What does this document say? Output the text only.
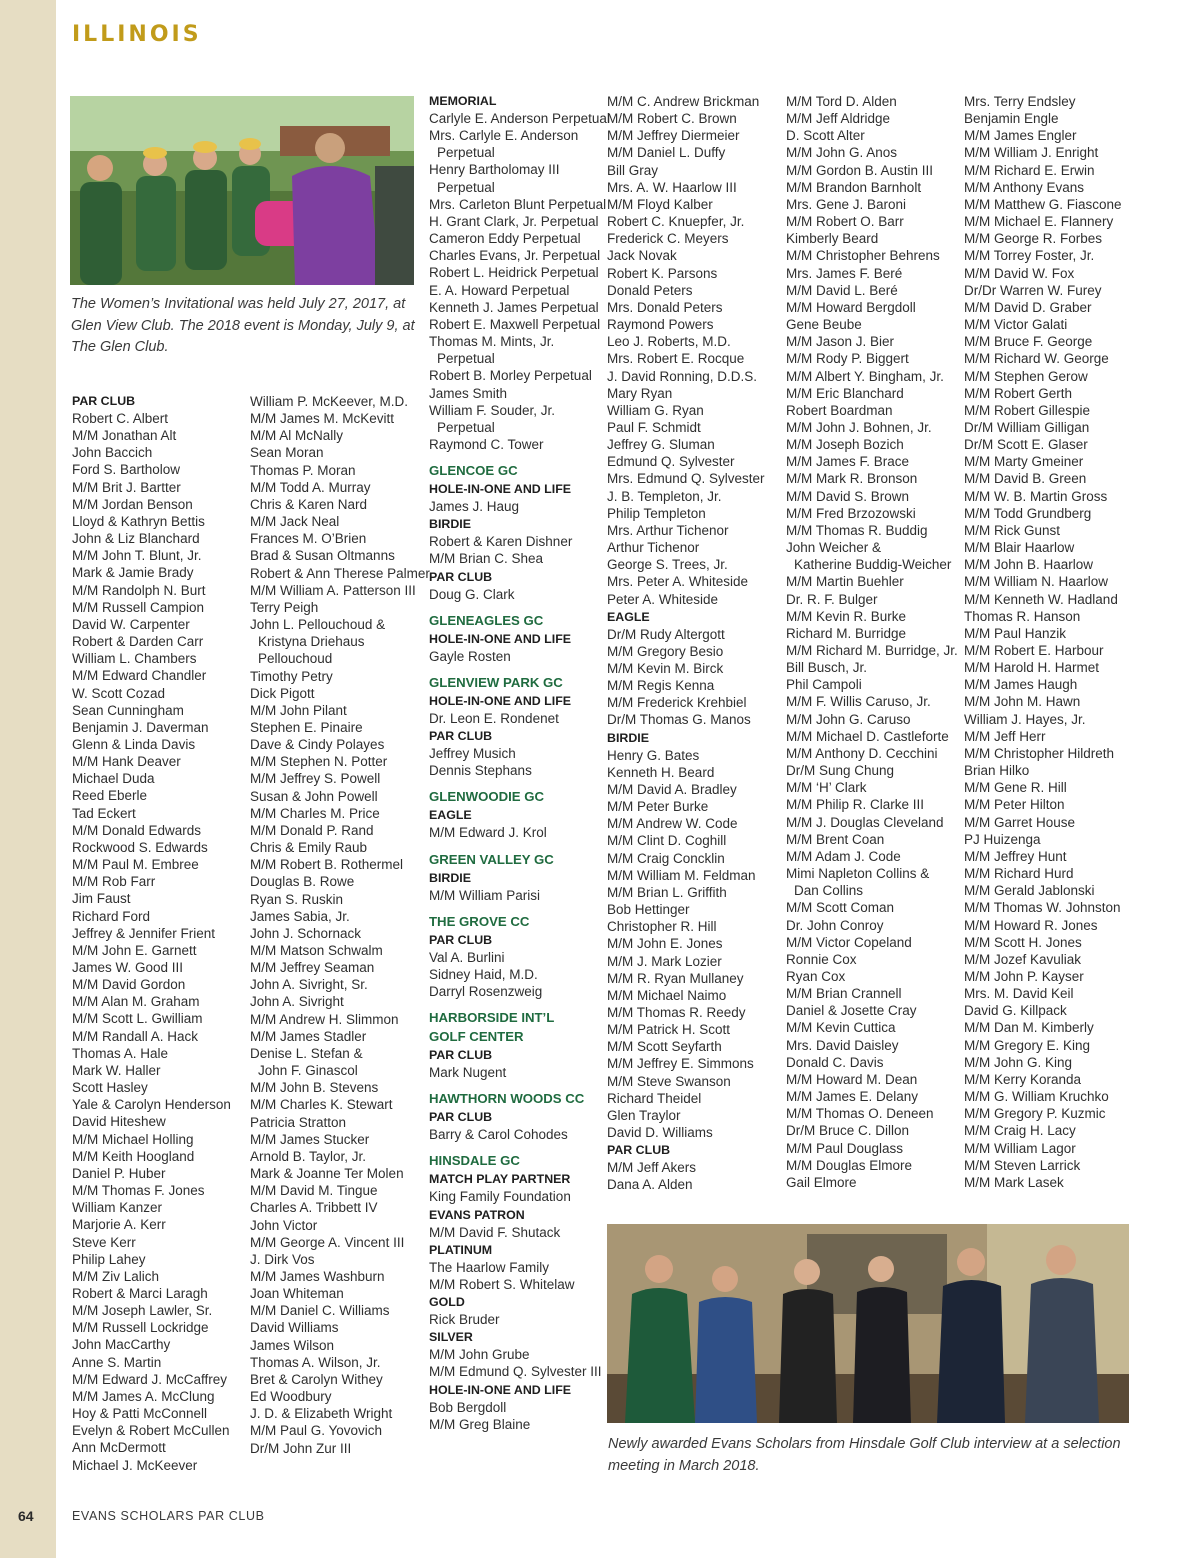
ILLINOIS
The Women’s Invitational was held July 27, 2017, at Glen View Club. The 2018 event is Monday, July 9, at The Glen Club.
PAR CLUB
Robert C. Albert
M/M Jonathan Alt
John Baccich
Ford S. Bartholow
M/M Brit J. Bartter
M/M Jordan Benson
Lloyd & Kathryn Bettis
John & Liz Blanchard
M/M John T. Blunt, Jr.
Mark & Jamie Brady
M/M Randolph N. Burt
M/M Russell Campion
David W. Carpenter
Robert & Darden Carr
William L. Chambers
M/M Edward Chandler
W. Scott Cozad
Sean Cunningham
Benjamin J. Daverman
Glenn & Linda Davis
M/M Hank Deaver
Michael Duda
Reed Eberle
Tad Eckert
M/M Donald Edwards
Rockwood S. Edwards
M/M Paul M. Embree
M/M Rob Farr
Jim Faust
Richard Ford
Jeffrey & Jennifer Frient
M/M John E. Garnett
James W. Good III
M/M David Gordon
M/M Alan M. Graham
M/M Scott L. Gwilliam
M/M Randall A. Hack
Thomas A. Hale
Mark W. Haller
Scott Hasley
Yale & Carolyn Henderson
David Hiteshew
M/M Michael Holling
M/M Keith Hoogland
Daniel P. Huber
M/M Thomas F. Jones
William Kanzer
Marjorie A. Kerr
Steve Kerr
Philip Lahey
M/M Ziv Lalich
Robert & Marci Laragh
M/M Joseph Lawler, Sr.
M/M Russell Lockridge
John MacCarthy
Anne S. Martin
M/M Edward J. McCaffrey
M/M James A. McClung
Hoy & Patti McConnell
Evelyn & Robert McCullen
Ann McDermott
Michael J. McKeever
William P. McKeever, M.D.
M/M James M. McKevitt
M/M Al McNally
Sean Moran
Thomas P. Moran
M/M Todd A. Murray
Chris & Karen Nard
M/M Jack Neal
Frances M. O’Brien
Brad & Susan Oltmanns
Robert & Ann Therese Palmer
M/M William A. Patterson III
Terry Peigh
John L. Pellouchoud &
Kristyna Driehaus
Pellouchoud
Timothy Petry
Dick Pigott
M/M John Pilant
Stephen E. Pinaire
Dave & Cindy Polayes
M/M Stephen N. Potter
M/M Jeffrey S. Powell
Susan & John Powell
M/M Charles M. Price
M/M Donald P. Rand
Chris & Emily Raub
M/M Robert B. Rothermel
Douglas B. Rowe
Ryan S. Ruskin
James Sabia, Jr.
John J. Schornack
M/M Matson Schwalm
M/M Jeffrey Seaman
John A. Sivright, Sr.
John A. Sivright
M/M Andrew H. Slimmon
M/M James Stadler
Denise L. Stefan &
John F. Ginascol
M/M John B. Stevens
M/M Charles K. Stewart
Patricia Stratton
M/M James Stucker
Arnold B. Taylor, Jr.
Mark & Joanne Ter Molen
M/M David M. Tingue
Charles A. Tribbett IV
John Victor
M/M George A. Vincent III
J. Dirk Vos
M/M James Washburn
Joan Whiteman
M/M Daniel C. Williams
David Williams
James Wilson
Thomas A. Wilson, Jr.
Bret & Carolyn Withey
Ed Woodbury
J. D. & Elizabeth Wright
M/M Paul G. Yovovich
Dr/M John Zur III
MEMORIAL
Carlyle E. Anderson Perpetual
Mrs. Carlyle E. Anderson
Perpetual
Henry Bartholomay III
Perpetual
Mrs. Carleton Blunt Perpetual
H. Grant Clark, Jr. Perpetual
Cameron Eddy Perpetual
Charles Evans, Jr. Perpetual
Robert L. Heidrick Perpetual
E. A. Howard Perpetual
Kenneth J. James Perpetual
Robert E. Maxwell Perpetual
Thomas M. Mints, Jr.
Perpetual
Robert B. Morley Perpetual
James Smith
William F. Souder, Jr.
Perpetual
Raymond C. Tower
GLENCOE GC
HOLE-IN-ONE AND LIFE
James J. Haug
BIRDIE
Robert & Karen Dishner
M/M Brian C. Shea
PAR CLUB
Doug G. Clark
GLENEAGLES GC
HOLE-IN-ONE AND LIFE
Gayle Rosten
GLENVIEW PARK GC
HOLE-IN-ONE AND LIFE
Dr. Leon E. Rondenet
PAR CLUB
Jeffrey Musich
Dennis Stephans
GLENWOODIE GC
EAGLE
M/M Edward J. Krol
GREEN VALLEY GC
BIRDIE
M/M William Parisi
THE GROVE CC
PAR CLUB
Val A. Burlini
Sidney Haid, M.D.
Darryl Rosenzweig
HARBORSIDE INT’L
GOLF CENTER
PAR CLUB
Mark Nugent
HAWTHORN WOODS CC
PAR CLUB
Barry & Carol Cohodes
HINSDALE GC
MATCH PLAY PARTNER
King Family Foundation
EVANS PATRON
M/M David F. Shutack
PLATINUM
The Haarlow Family
M/M Robert S. Whitelaw
GOLD
Rick Bruder
SILVER
M/M John Grube
M/M Edmund Q. Sylvester III
HOLE-IN-ONE AND LIFE
Bob Bergdoll
M/M Greg Blaine
M/M C. Andrew Brickman
M/M Robert C. Brown
M/M Jeffrey Diermeier
M/M Daniel L. Duffy
Bill Gray
Mrs. A. W. Haarlow III
M/M Floyd Kalber
Robert C. Knuepfer, Jr.
Frederick C. Meyers
Jack Novak
Robert K. Parsons
Donald Peters
Mrs. Donald Peters
Raymond Powers
Leo J. Roberts, M.D.
Mrs. Robert E. Rocque
J. David Ronning, D.D.S.
Mary Ryan
William G. Ryan
Paul F. Schmidt
Jeffrey G. Sluman
Edmund Q. Sylvester
Mrs. Edmund Q. Sylvester
J. B. Templeton, Jr.
Philip Templeton
Mrs. Arthur Tichenor
Arthur Tichenor
George S. Trees, Jr.
Mrs. Peter A. Whiteside
Peter A. Whiteside
EAGLE
Dr/M Rudy Altergott
M/M Gregory Besio
M/M Kevin M. Birck
M/M Regis Kenna
M/M Frederick Krehbiel
Dr/M Thomas G. Manos
BIRDIE
Henry G. Bates
Kenneth H. Beard
M/M David A. Bradley
M/M Peter Burke
M/M Andrew W. Code
M/M Clint D. Coghill
M/M Craig Concklin
M/M William M. Feldman
M/M Brian L. Griffith
Bob Hettinger
Christopher R. Hill
M/M John E. Jones
M/M J. Mark Lozier
M/M R. Ryan Mullaney
M/M Michael Naimo
M/M Thomas R. Reedy
M/M Patrick H. Scott
M/M Scott Seyfarth
M/M Jeffrey E. Simmons
M/M Steve Swanson
Richard Theidel
Glen Traylor
David D. Williams
PAR CLUB
M/M Jeff Akers
Dana A. Alden
M/M Tord D. Alden
M/M Jeff Aldridge
D. Scott Alter
M/M John G. Anos
M/M Gordon B. Austin III
M/M Brandon Barnholt
Mrs. Gene J. Baroni
M/M Robert O. Barr
Kimberly Beard
M/M Christopher Behrens
Mrs. James F. Beré
M/M David L. Beré
M/M Howard Bergdoll
Gene Beube
M/M Jason J. Bier
M/M Rody P. Biggert
M/M Albert Y. Bingham, Jr.
M/M Eric Blanchard
Robert Boardman
M/M John J. Bohnen, Jr.
M/M Joseph Bozich
M/M James F. Brace
M/M Mark R. Bronson
M/M David S. Brown
M/M Fred Brzozowski
M/M Thomas R. Buddig
John Weicher &
Katherine Buddig-Weicher
M/M Martin Buehler
Dr. R. F. Bulger
M/M Kevin R. Burke
Richard M. Burridge
M/M Richard M. Burridge, Jr.
Bill Busch, Jr.
Phil Campoli
M/M F. Willis Caruso, Jr.
M/M John G. Caruso
M/M Michael D. Castleforte
M/M Anthony D. Cecchini
Dr/M Sung Chung
M/M ‘H’ Clark
M/M Philip R. Clarke III
M/M J. Douglas Cleveland
M/M Brent Coan
M/M Adam J. Code
Mimi Napleton Collins &
Dan Collins
M/M Scott Coman
Dr. John Conroy
M/M Victor Copeland
Ronnie Cox
Ryan Cox
M/M Brian Crannell
Daniel & Josette Cray
M/M Kevin Cuttica
Mrs. David Daisley
Donald C. Davis
M/M Howard M. Dean
M/M James E. Delany
M/M Thomas O. Deneen
Dr/M Bruce C. Dillon
M/M Paul Douglass
M/M Douglas Elmore
Gail Elmore
Mrs. Terry Endsley
Benjamin Engle
M/M James Engler
M/M William J. Enright
M/M Richard E. Erwin
M/M Anthony Evans
M/M Matthew G. Fiascone
M/M Michael E. Flannery
M/M George R. Forbes
M/M Torrey Foster, Jr.
M/M David W. Fox
Dr/Dr Warren W. Furey
M/M David D. Graber
M/M Victor Galati
M/M Bruce F. George
M/M Richard W. George
M/M Stephen Gerow
M/M Robert Gerth
M/M Robert Gillespie
Dr/M William Gilligan
Dr/M Scott E. Glaser
M/M Marty Gmeiner
M/M David B. Green
M/M W. B. Martin Gross
M/M Todd Grundberg
M/M Rick Gunst
M/M Blair Haarlow
M/M John B. Haarlow
M/M William N. Haarlow
M/M Kenneth W. Hadland
Thomas R. Hanson
M/M Paul Hanzik
M/M Robert E. Harbour
M/M Harold H. Harmet
M/M James Haugh
M/M John M. Hawn
William J. Hayes, Jr.
M/M Jeff Herr
M/M Christopher Hildreth
Brian Hilko
M/M Gene R. Hill
M/M Peter Hilton
M/M Garret House
PJ Huizenga
M/M Jeffrey Hunt
M/M Richard Hurd
M/M Gerald Jablonski
M/M Thomas W. Johnston
M/M Howard R. Jones
M/M Scott H. Jones
M/M Jozef Kavuliak
M/M John P. Kayser
Mrs. M. David Keil
David G. Killpack
M/M Dan M. Kimberly
M/M Gregory E. King
M/M John G. King
M/M Kerry Koranda
M/M G. William Kruchko
M/M Gregory P. Kuzmic
M/M Craig H. Lacy
M/M William Lagor
M/M Steven Larrick
M/M Mark Lasek
Newly awarded Evans Scholars from Hinsdale Golf Club interview at a selection meeting in March 2018.
64	EVANS SCHOLARS PAR CLUB
